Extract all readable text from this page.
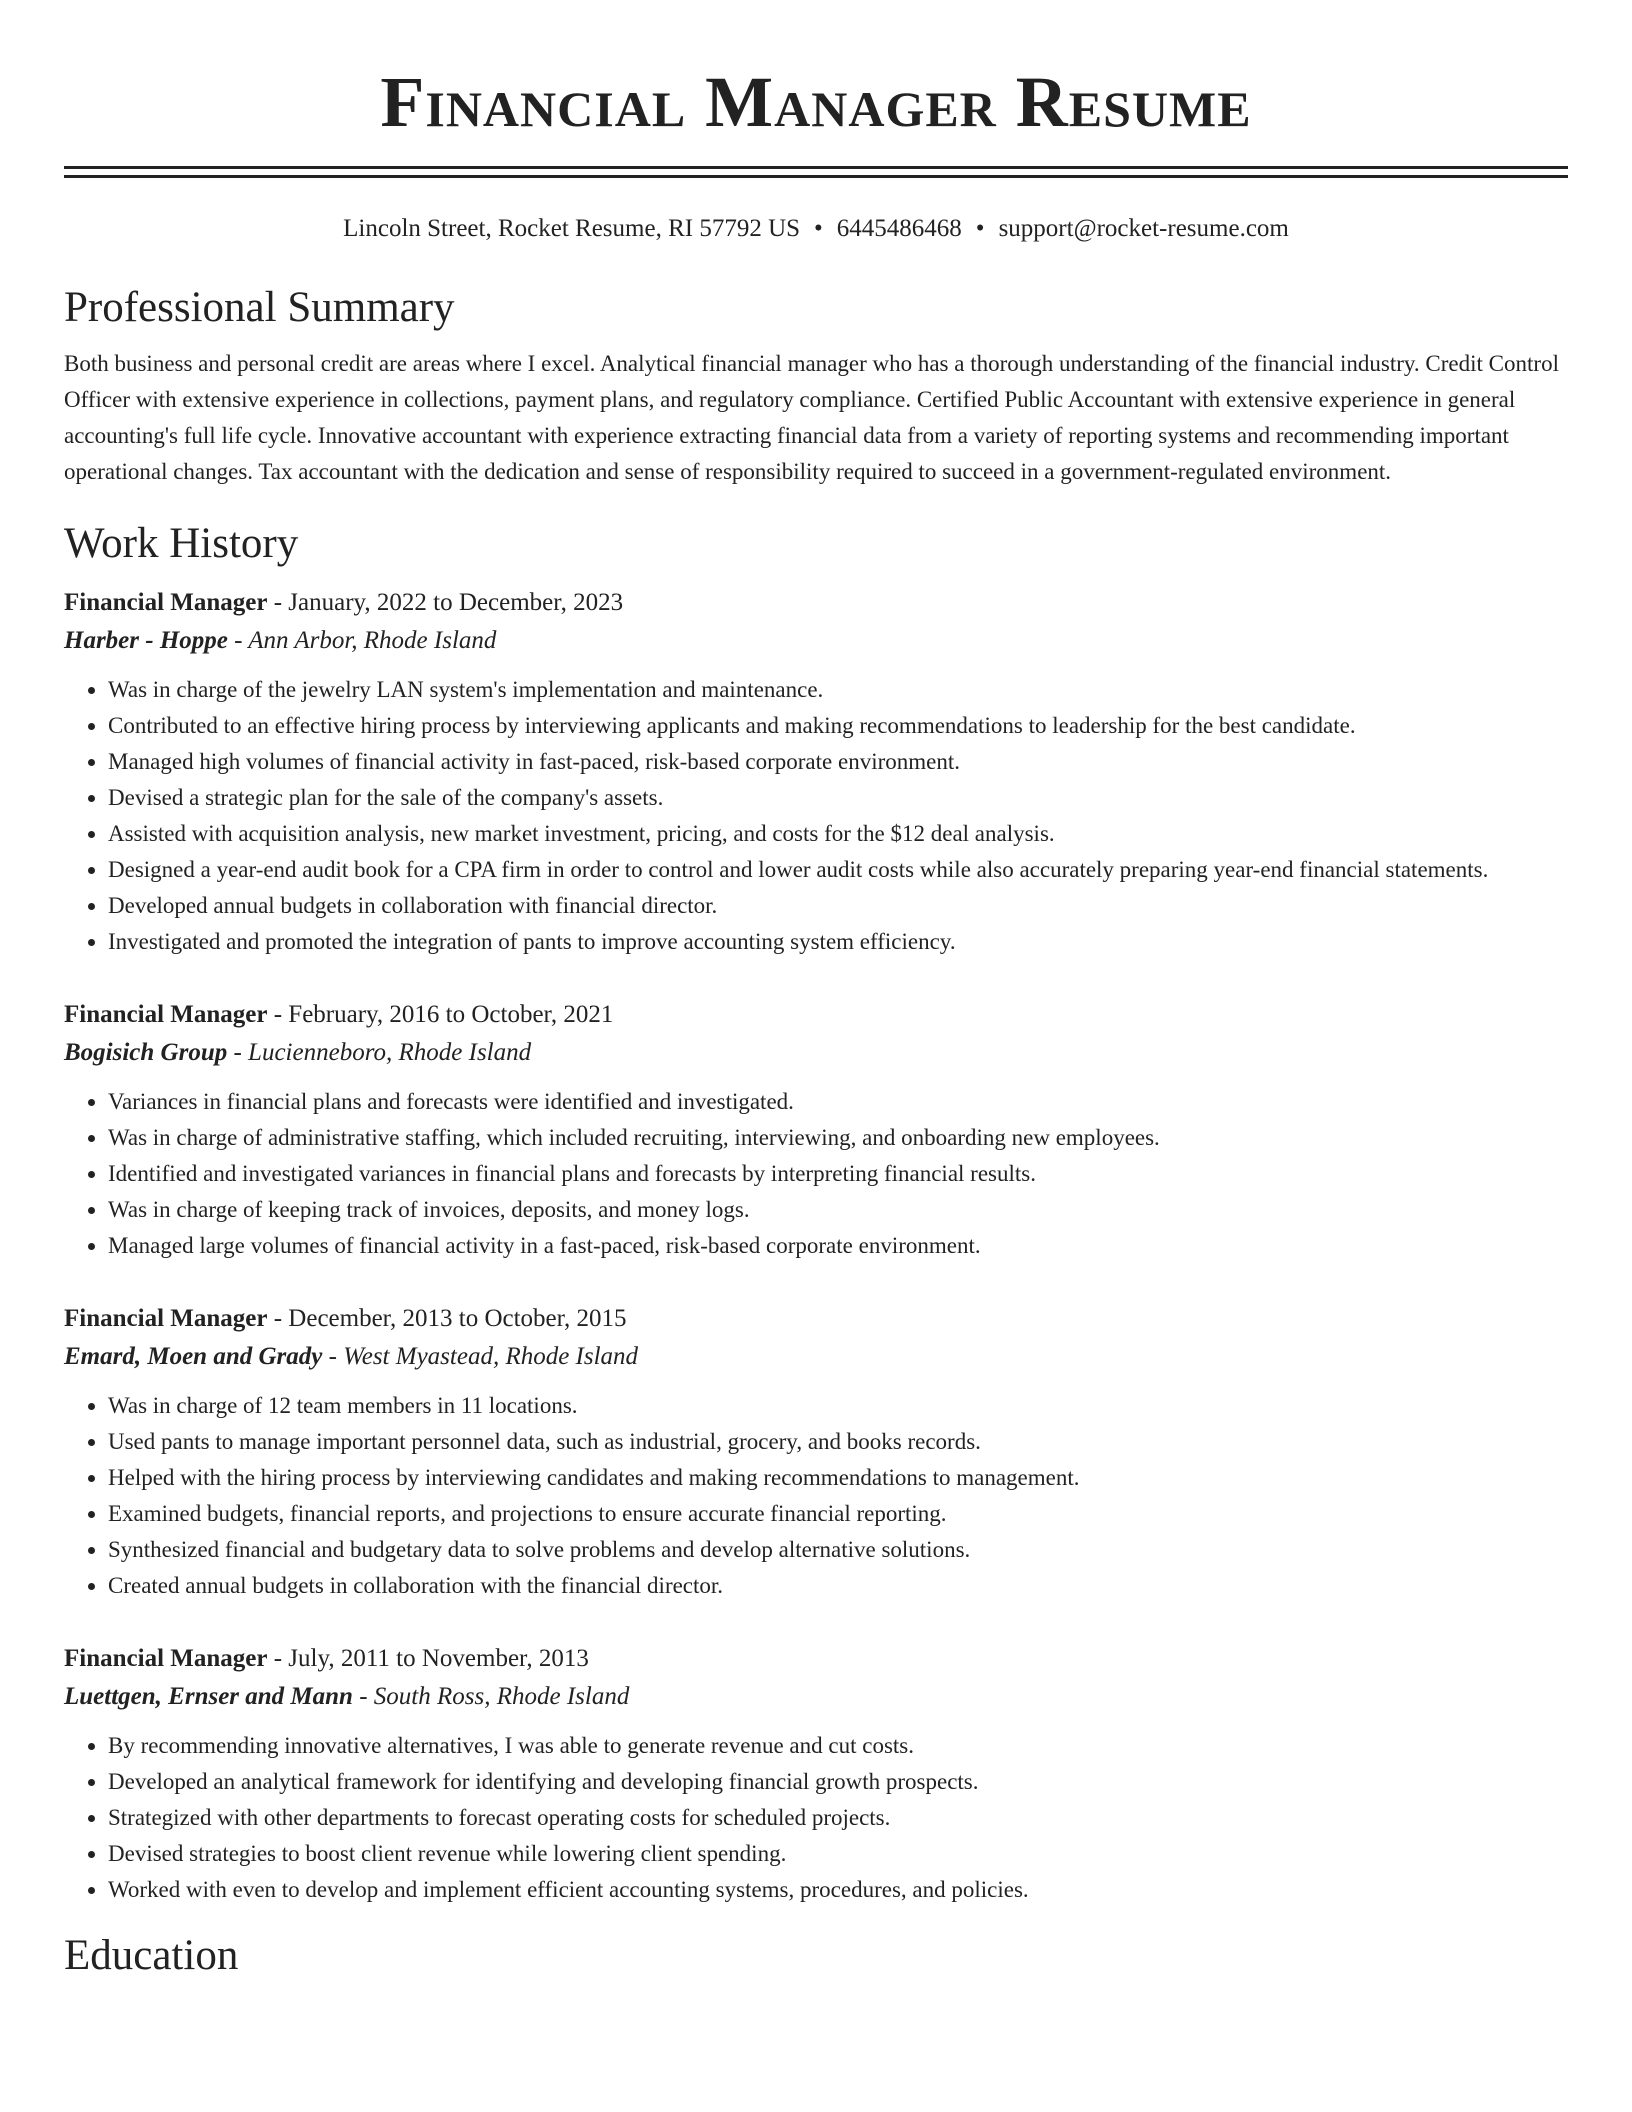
Financial Manager Resume
Lincoln Street, Rocket Resume, RI 57792 US • 6445486468 • support@rocket-resume.com
Professional Summary
Both business and personal credit are areas where I excel. Analytical financial manager who has a thorough understanding of the financial industry. Credit Control Officer with extensive experience in collections, payment plans, and regulatory compliance. Certified Public Accountant with extensive experience in general accounting's full life cycle. Innovative accountant with experience extracting financial data from a variety of reporting systems and recommending important operational changes. Tax accountant with the dedication and sense of responsibility required to succeed in a government-regulated environment.
Work History
Financial Manager - January, 2022 to December, 2023
Harber - Hoppe - Ann Arbor, Rhode Island
• Was in charge of the jewelry LAN system's implementation and maintenance.
• Contributed to an effective hiring process by interviewing applicants and making recommendations to leadership for the best candidate.
• Managed high volumes of financial activity in fast-paced, risk-based corporate environment.
• Devised a strategic plan for the sale of the company's assets.
• Assisted with acquisition analysis, new market investment, pricing, and costs for the $12 deal analysis.
• Designed a year-end audit book for a CPA firm in order to control and lower audit costs while also accurately preparing year-end financial statements.
• Developed annual budgets in collaboration with financial director.
• Investigated and promoted the integration of pants to improve accounting system efficiency.
Financial Manager - February, 2016 to October, 2021
Bogisich Group - Lucienneboro, Rhode Island
• Variances in financial plans and forecasts were identified and investigated.
• Was in charge of administrative staffing, which included recruiting, interviewing, and onboarding new employees.
• Identified and investigated variances in financial plans and forecasts by interpreting financial results.
• Was in charge of keeping track of invoices, deposits, and money logs.
• Managed large volumes of financial activity in a fast-paced, risk-based corporate environment.
Financial Manager - December, 2013 to October, 2015
Emard, Moen and Grady - West Myastead, Rhode Island
• Was in charge of 12 team members in 11 locations.
• Used pants to manage important personnel data, such as industrial, grocery, and books records.
• Helped with the hiring process by interviewing candidates and making recommendations to management.
• Examined budgets, financial reports, and projections to ensure accurate financial reporting.
• Synthesized financial and budgetary data to solve problems and develop alternative solutions.
• Created annual budgets in collaboration with the financial director.
Financial Manager - July, 2011 to November, 2013
Luettgen, Ernser and Mann - South Ross, Rhode Island
• By recommending innovative alternatives, I was able to generate revenue and cut costs.
• Developed an analytical framework for identifying and developing financial growth prospects.
• Strategized with other departments to forecast operating costs for scheduled projects.
• Devised strategies to boost client revenue while lowering client spending.
• Worked with even to develop and implement efficient accounting systems, procedures, and policies.
Education
